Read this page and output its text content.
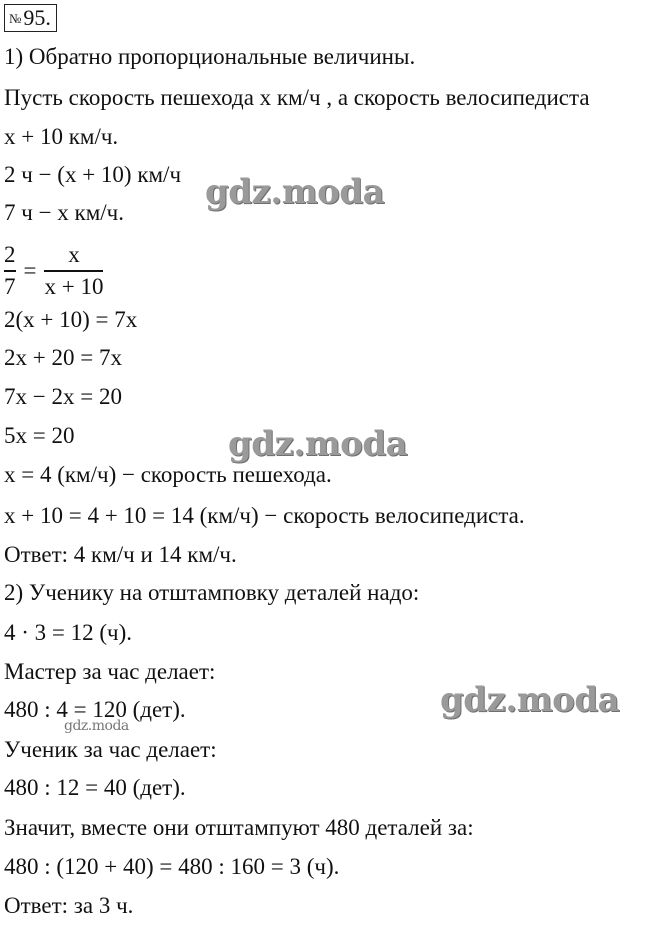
№95.
1) Обратно пропорциональные величины.
Пусть скорость пешехода x км/ч , а скорость велосипедиста
x + 10 км/ч.
2 ч − (x + 10) км/ч
7 ч − x км/ч.
$\frac{2}{7} = \frac{x}{x + 10}$
2(x + 10) = 7x
2x + 20 = 7x
7x − 2x = 20
5x = 20
x = 4 (км/ч) − скорость пешехода.
x + 10 = 4 + 10 = 14 (км/ч) − скорость велосипедиста.
Ответ: 4 км/ч и 14 км/ч.
2) Ученику на отштамповку деталей надо:
4 · 3 = 12 (ч).
Мастер за час делает:
480 : 4 = 120 (дет).
Ученик за час делает:
480 : 12 = 40 (дет).
Значит, вместе они отштампуют 480 деталей за:
480 : (120 + 40) = 480 : 160 = 3 (ч).
Ответ: за 3 ч.
gdz.moda
gdz.moda
gdz.moda
gdz.moda
